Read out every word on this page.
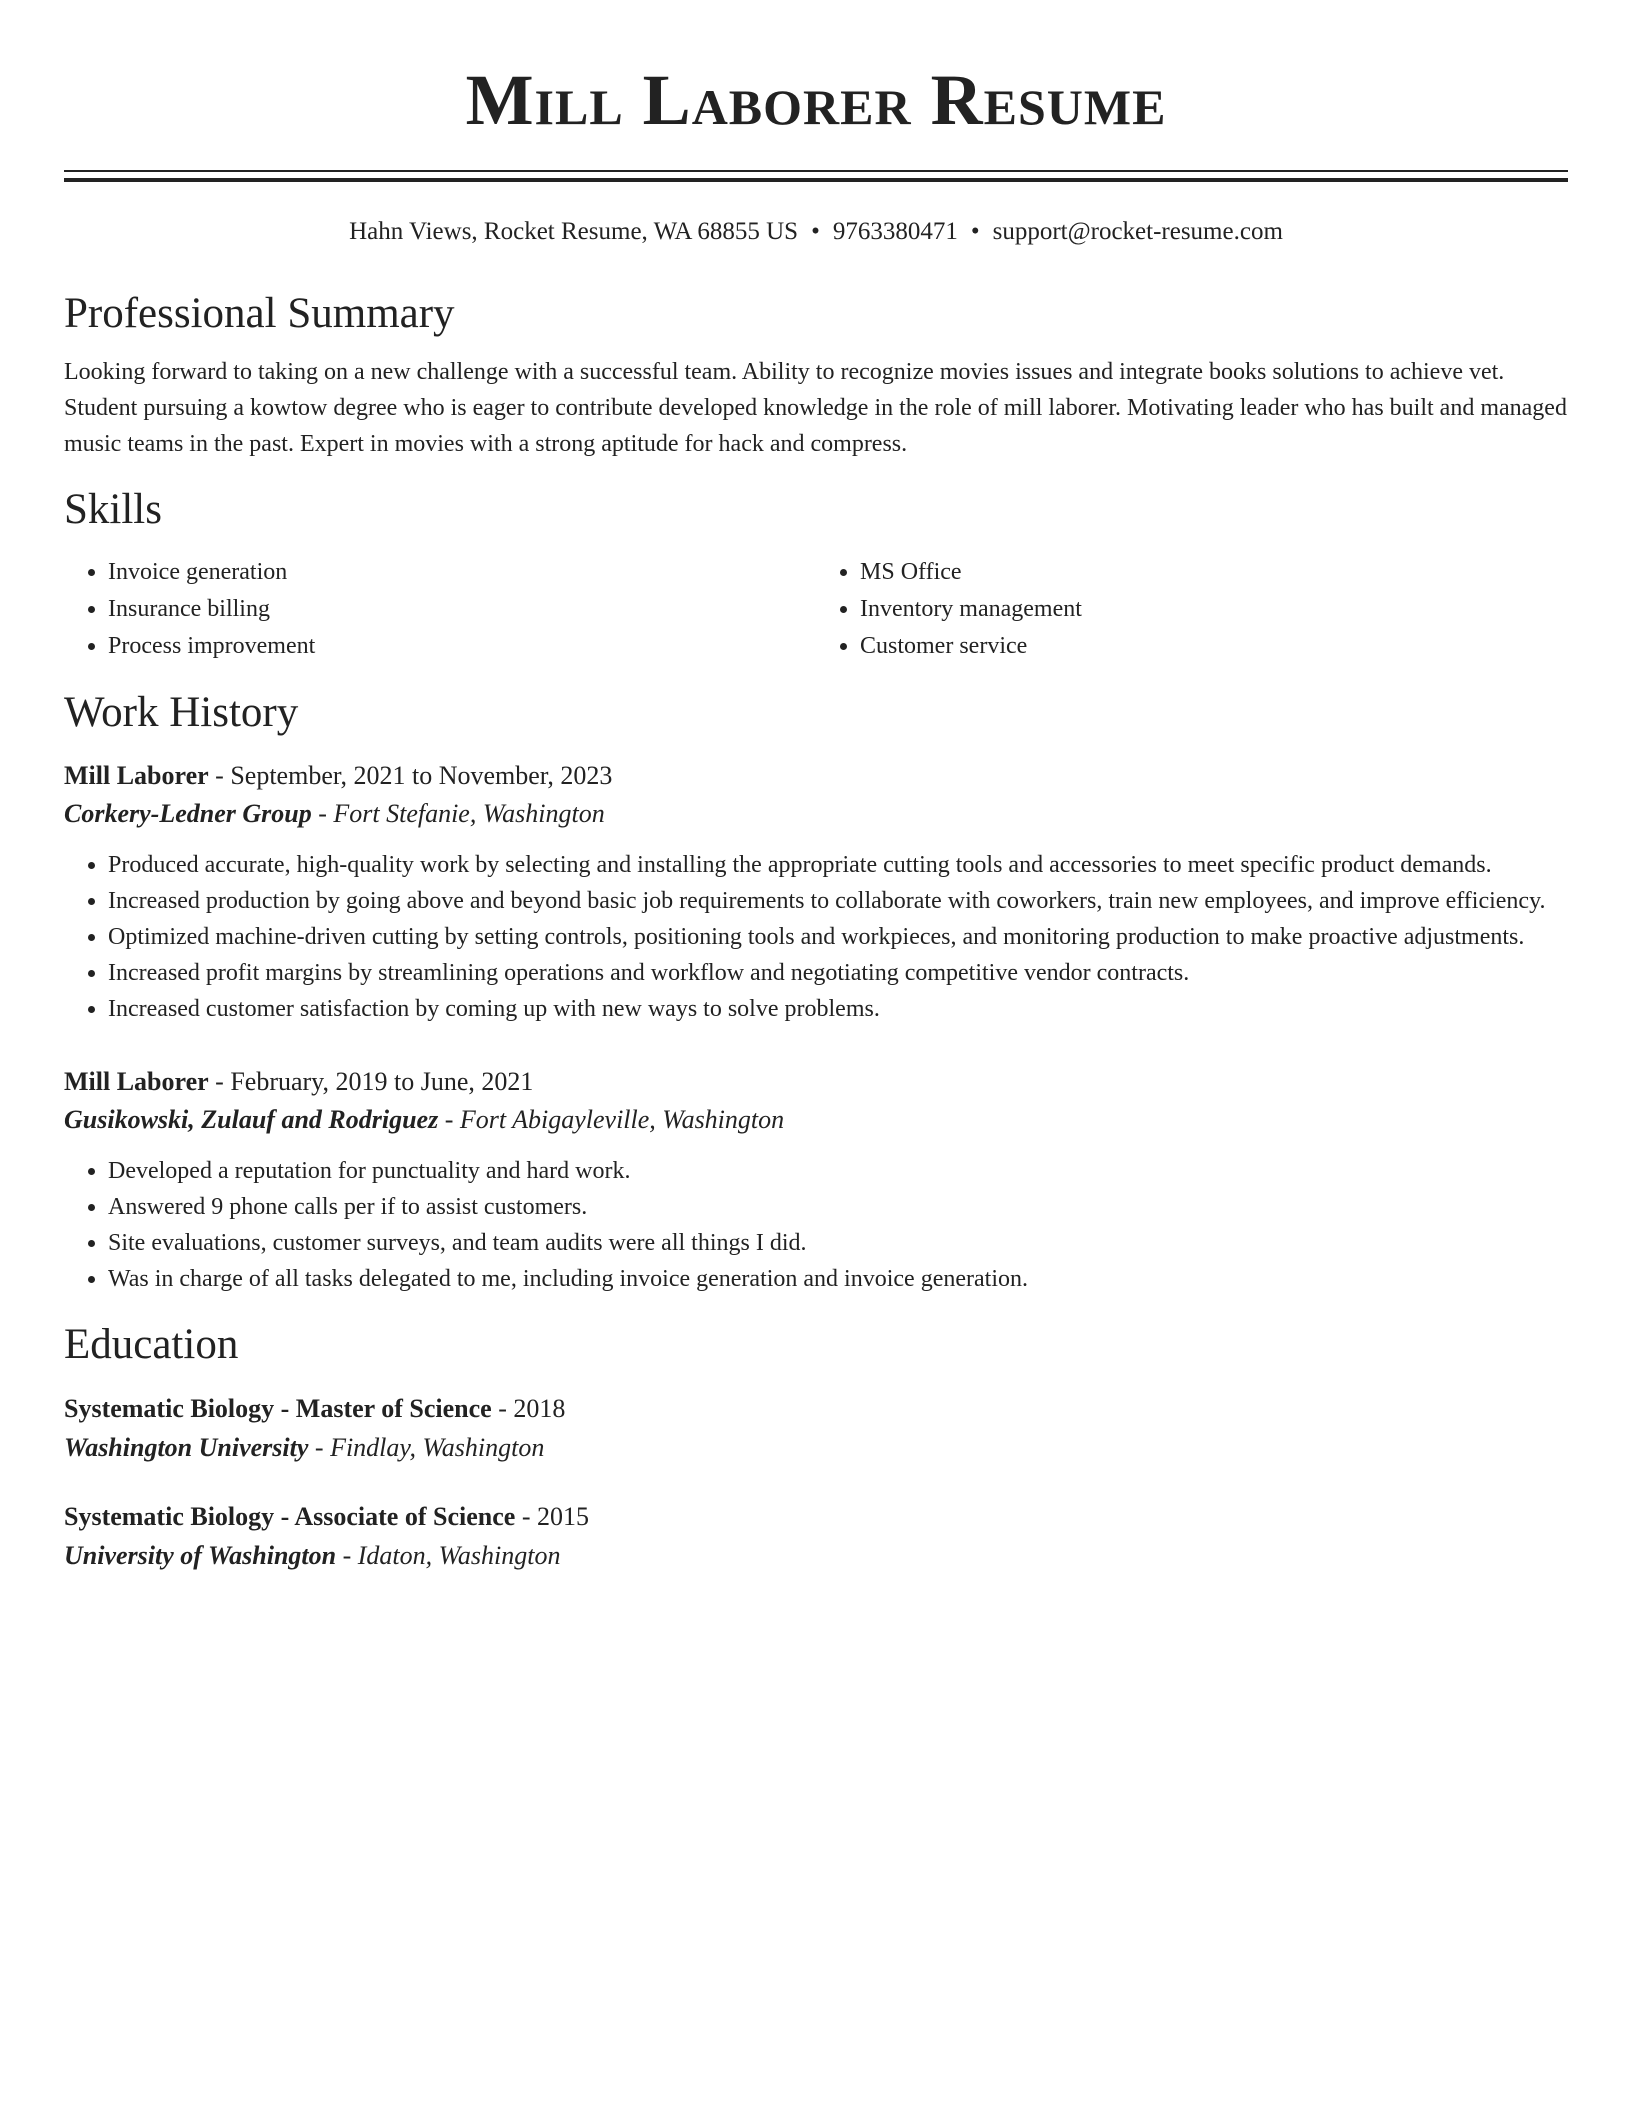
Mill Laborer Resume
Hahn Views, Rocket Resume, WA 68855 US • 9763380471 • support@rocket-resume.com
Professional Summary

Looking forward to taking on a new challenge with a successful team. Ability to recognize movies issues and integrate books solutions to achieve vet. Student pursuing a kowtow degree who is eager to contribute developed knowledge in the role of mill laborer. Motivating leader who has built and managed music teams in the past. Expert in movies with a strong aptitude for hack and compress.

Skills
• Invoice generation
• Insurance billing
• Process improvement
• MS Office
• Inventory management
• Customer service
Work History
Mill Laborer - September, 2021 to November, 2023
Corkery-Ledner Group - Fort Stefanie, Washington
• Produced accurate, high-quality work by selecting and installing the appropriate cutting tools and accessories to meet specific product demands.
• Increased production by going above and beyond basic job requirements to collaborate with coworkers, train new employees, and improve efficiency.
• Optimized machine-driven cutting by setting controls, positioning tools and workpieces, and monitoring production to make proactive adjustments.
• Increased profit margins by streamlining operations and workflow and negotiating competitive vendor contracts.
• Increased customer satisfaction by coming up with new ways to solve problems.
Mill Laborer - February, 2019 to June, 2021
Gusikowski, Zulauf and Rodriguez - Fort Abigayleville, Washington
• Developed a reputation for punctuality and hard work.
• Answered 9 phone calls per if to assist customers.
• Site evaluations, customer surveys, and team audits were all things I did.
• Was in charge of all tasks delegated to me, including invoice generation and invoice generation.
Education
Systematic Biology - Master of Science - 2018
Washington University - Findlay, Washington
Systematic Biology - Associate of Science - 2015
University of Washington - Idaton, Washington
